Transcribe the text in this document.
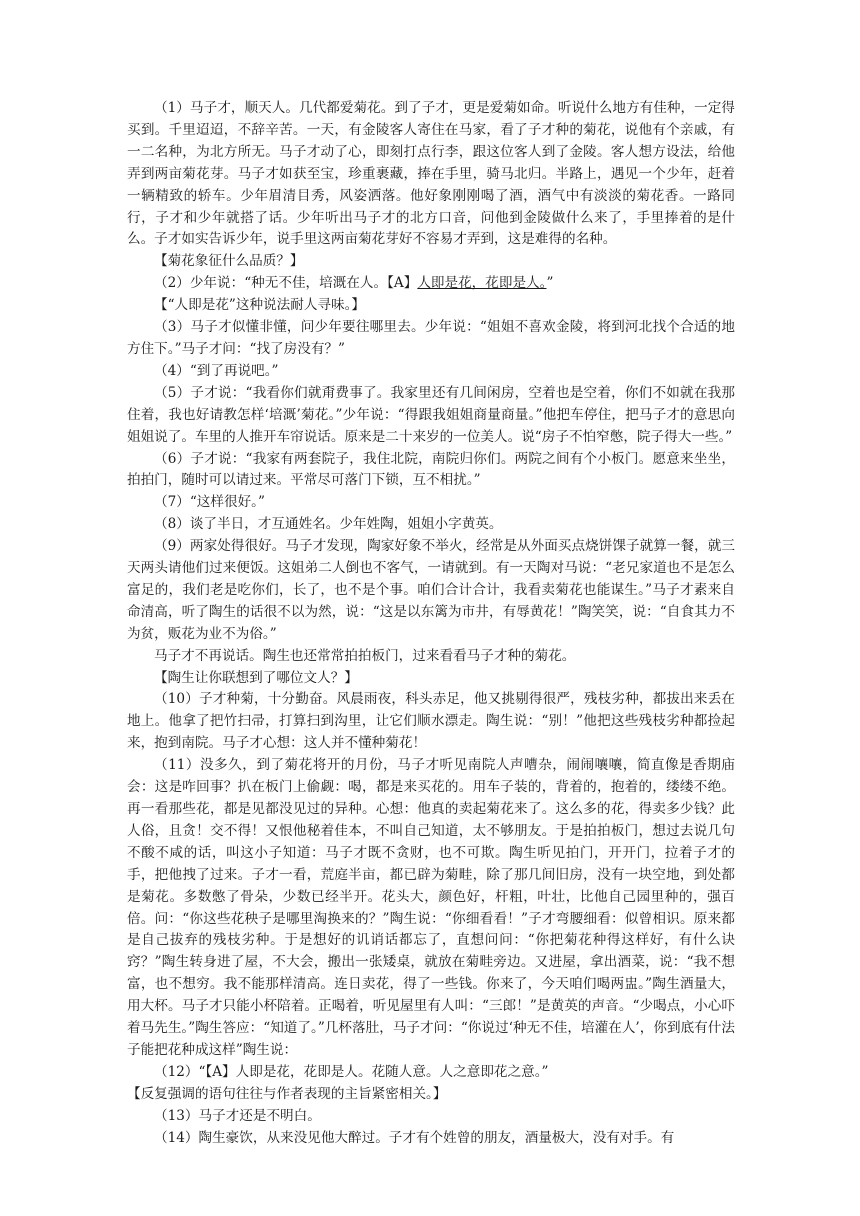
（1）马子才，顺天人。几代都爱菊花。到了子才，更是爱菊如命。听说什么地方有佳种，一定得买到。千里迢迢，不辞辛苦。一天，有金陵客人寄住在马家，看了子才种的菊花，说他有个亲戚，有一二名种，为北方所无。马子才动了心，即刻打点行李，跟这位客人到了金陵。客人想方设法，给他弄到两亩菊花芽。马子才如获至宝，珍重裹藏，捧在手里，骑马北归。半路上，遇见一个少年，赶着一辆精致的轿车。少年眉清目秀，风姿洒落。他好象刚刚喝了酒，酒气中有淡淡的菊花香。一路同行，子才和少年就搭了话。少年听出马子才的北方口音，问他到金陵做什么来了，手里捧着的是什么。子才如实告诉少年，说手里这两亩菊花芽好不容易才弄到，这是难得的名种。

【菊花象征什么品质？】

（2）少年说：“种无不佳，培溉在人。【A】人即是花，花即是人。”

【“人即是花”这种说法耐人寻味。】

（3）马子才似懂非懂，问少年要往哪里去。少年说：“姐姐不喜欢金陵，将到河北找个合适的地方住下。”马子才问：“找了房没有？”

（4）“到了再说吧。”

（5）子才说：“我看你们就甭费事了。我家里还有几间闲房，空着也是空着，你们不如就在我那住着，我也好请教怎样‘培溉’菊花。”少年说：“得跟我姐姐商量商量。”他把车停住，把马子才的意思向姐姐说了。车里的人推开车帘说话。原来是二十来岁的一位美人。说“房子不怕窄憋，院子得大一些。”

（6）子才说：“我家有两套院子，我住北院，南院归你们。两院之间有个小板门。愿意来坐坐，拍拍门，随时可以请过来。平常尽可落门下锁，互不相扰。”

（7）“这样很好。”

（8）谈了半日，才互通姓名。少年姓陶，姐姐小字黄英。

（9）两家处得很好。马子才发现，陶家好象不举火，经常是从外面买点烧饼馃子就算一餐，就三天两头请他们过来便饭。这姐弟二人倒也不客气，一请就到。有一天陶对马说：“老兄家道也不是怎么富足的，我们老是吃你们，长了，也不是个事。咱们合计合计，我看卖菊花也能谋生。”马子才素来自命清高，听了陶生的话很不以为然，说：“这是以东篱为市井，有辱黄花！”陶笑笑，说：“自食其力不为贫，贩花为业不为俗。”

马子才不再说话。陶生也还常常拍拍板门，过来看看马子才种的菊花。

【陶生让你联想到了哪位文人？】

（10）子才种菊，十分勤奋。风晨雨夜，科头赤足，他又挑剔得很严，残枝劣种，都拔出来丢在地上。他拿了把竹扫帚，打算扫到沟里，让它们顺水漂走。陶生说：“别！”他把这些残枝劣种都捡起来，抱到南院。马子才心想：这人并不懂种菊花！

（11）没多久，到了菊花将开的月份，马子才听见南院人声嘈杂，闹闹嚷嚷，简直像是香期庙会：这是咋回事？扒在板门上偷觑：喝，都是来买花的。用车子装的，背着的，抱着的，缕缕不绝。再一看那些花，都是见都没见过的异种。心想：他真的卖起菊花来了。这么多的花，得卖多少钱？此人俗，且贪！交不得！又恨他秘着佳本，不叫自己知道，太不够朋友。于是拍拍板门，想过去说几句不酸不咸的话，叫这小子知道：马子才既不贪财，也不可欺。陶生听见拍门，开开门，拉着子才的手，把他拽了过来。子才一看，荒庭半亩，都已辟为菊畦，除了那几间旧房，没有一块空地，到处都是菊花。多数憋了骨朵，少数已经半开。花头大，颜色好，杆粗，叶壮，比他自己园里种的，强百倍。问：“你这些花秧子是哪里淘换来的？”陶生说：“你细看看！”子才弯腰细看：似曾相识。原来都是自己拔弃的残枝劣种。于是想好的讥诮话都忘了，直想问问：“你把菊花种得这样好，有什么诀窍？”陶生转身进了屋，不大会，搬出一张矮桌，就放在菊畦旁边。又进屋，拿出酒菜，说：“我不想富，也不想穷。我不能那样清高。连日卖花，得了一些钱。你来了，今天咱们喝两盅。”陶生酒量大，用大杯。马子才只能小杯陪着。正喝着，听见屋里有人叫：“三郎！”是黄英的声音。“少喝点，小心吓着马先生。”陶生答应：“知道了。”几杯落肚，马子才问：“你说过‘种无不佳，培灌在人’，你到底有什法子能把花种成这样”陶生说：

（12）“【A】人即是花，花即是人。花随人意。人之意即花之意。”

【反复强调的语句往往与作者表现的主旨紧密相关。】

（13）马子才还是不明白。

（14）陶生豪饮，从来没见他大醉过。子才有个姓曾的朋友，酒量极大，没有对手。有
